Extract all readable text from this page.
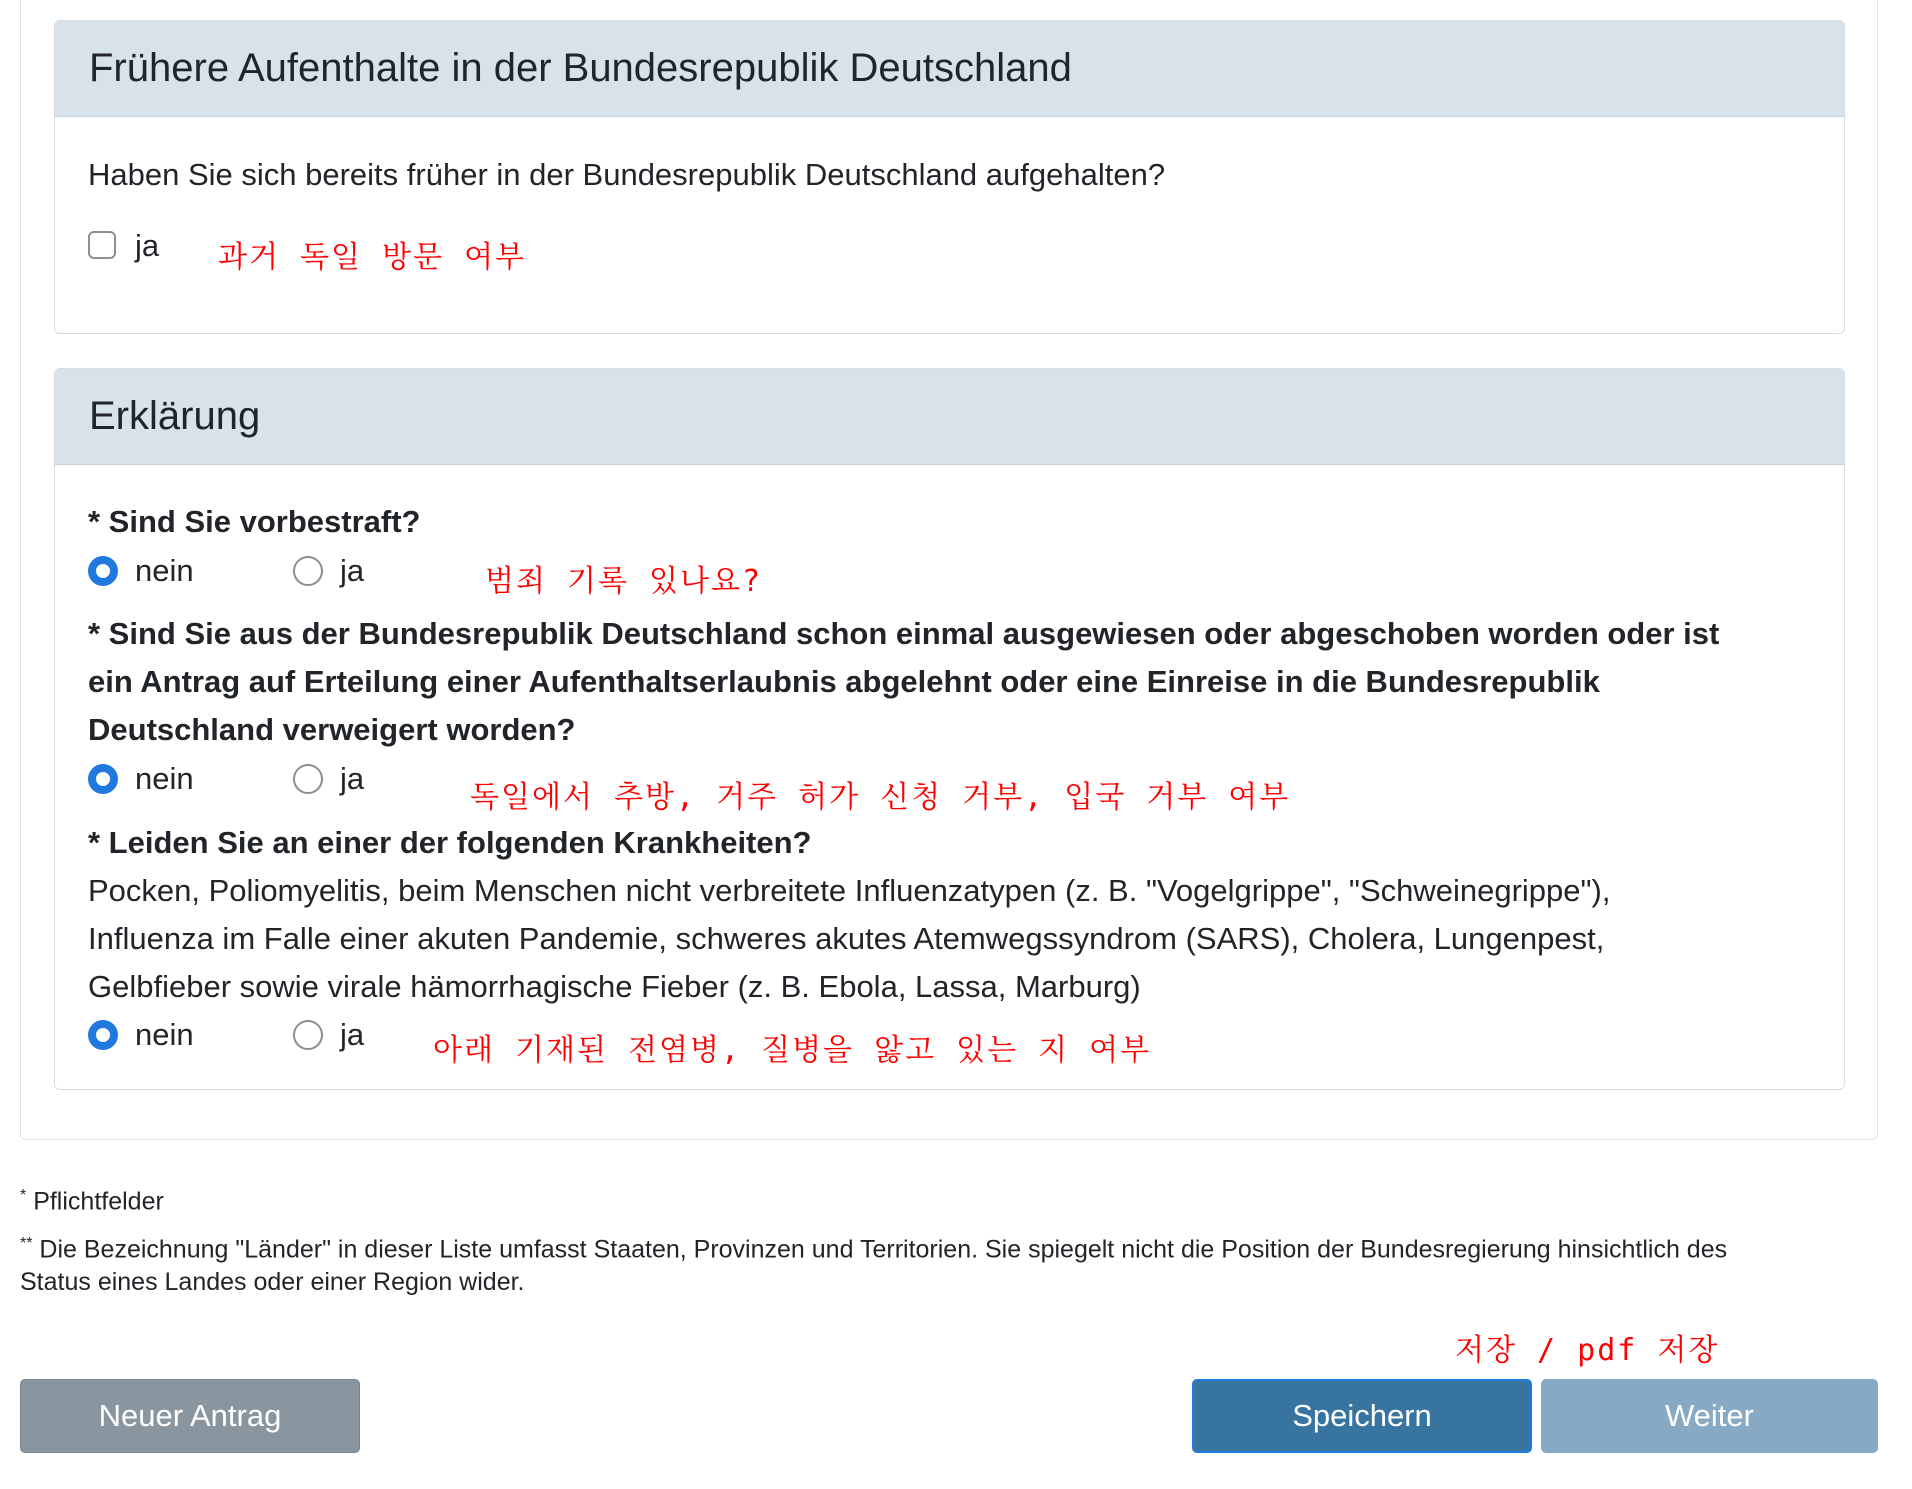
Frühere Aufenthalte in der Bundesrepublik Deutschland
Haben Sie sich bereits früher in der Bundesrepublik Deutschland aufgehalten?
ja 과거 독일 방문 여부
Erklärung
* Sind Sie vorbestraft?
nein	ja	범죄 기록 있나요?
* Sind Sie aus der Bundesrepublik Deutschland schon einmal ausgewiesen oder abgeschoben worden oder ist
ein Antrag auf Erteilung einer Aufenthaltserlaubnis abgelehnt oder eine Einreise in die Bundesrepublik
Deutschland verweigert worden?
nein	ja
독일에서 추방, 거주 허가 신청 거부, 입국 거부 여부
* Leiden Sie an einer der folgenden Krankheiten?
Pocken, Poliomyelitis, beim Menschen nicht verbreitete Influenzatypen (z. B. "Vogelgrippe", "Schweinegrippe"),
Influenza im Falle einer akuten Pandemie, schweres akutes Atemwegssyndrom (SARS), Cholera, Lungenpest,
Gelbfieber sowie virale hämorrhagische Fieber (z. B. Ebola, Lassa, Marburg)
nein	ja 아래 기재된 전염병, 질병을 앓고 있는 지 여부
* Pflichtfelder
** Die Bezeichnung "Länder" in dieser Liste umfasst Staaten, Provinzen und Territorien. Sie spiegelt nicht die Position der Bundesregierung hinsichtlich des
Status eines Landes oder einer Region wider.
저장 / pdf 저장
Neuer Antrag	Speichern	Weiter
